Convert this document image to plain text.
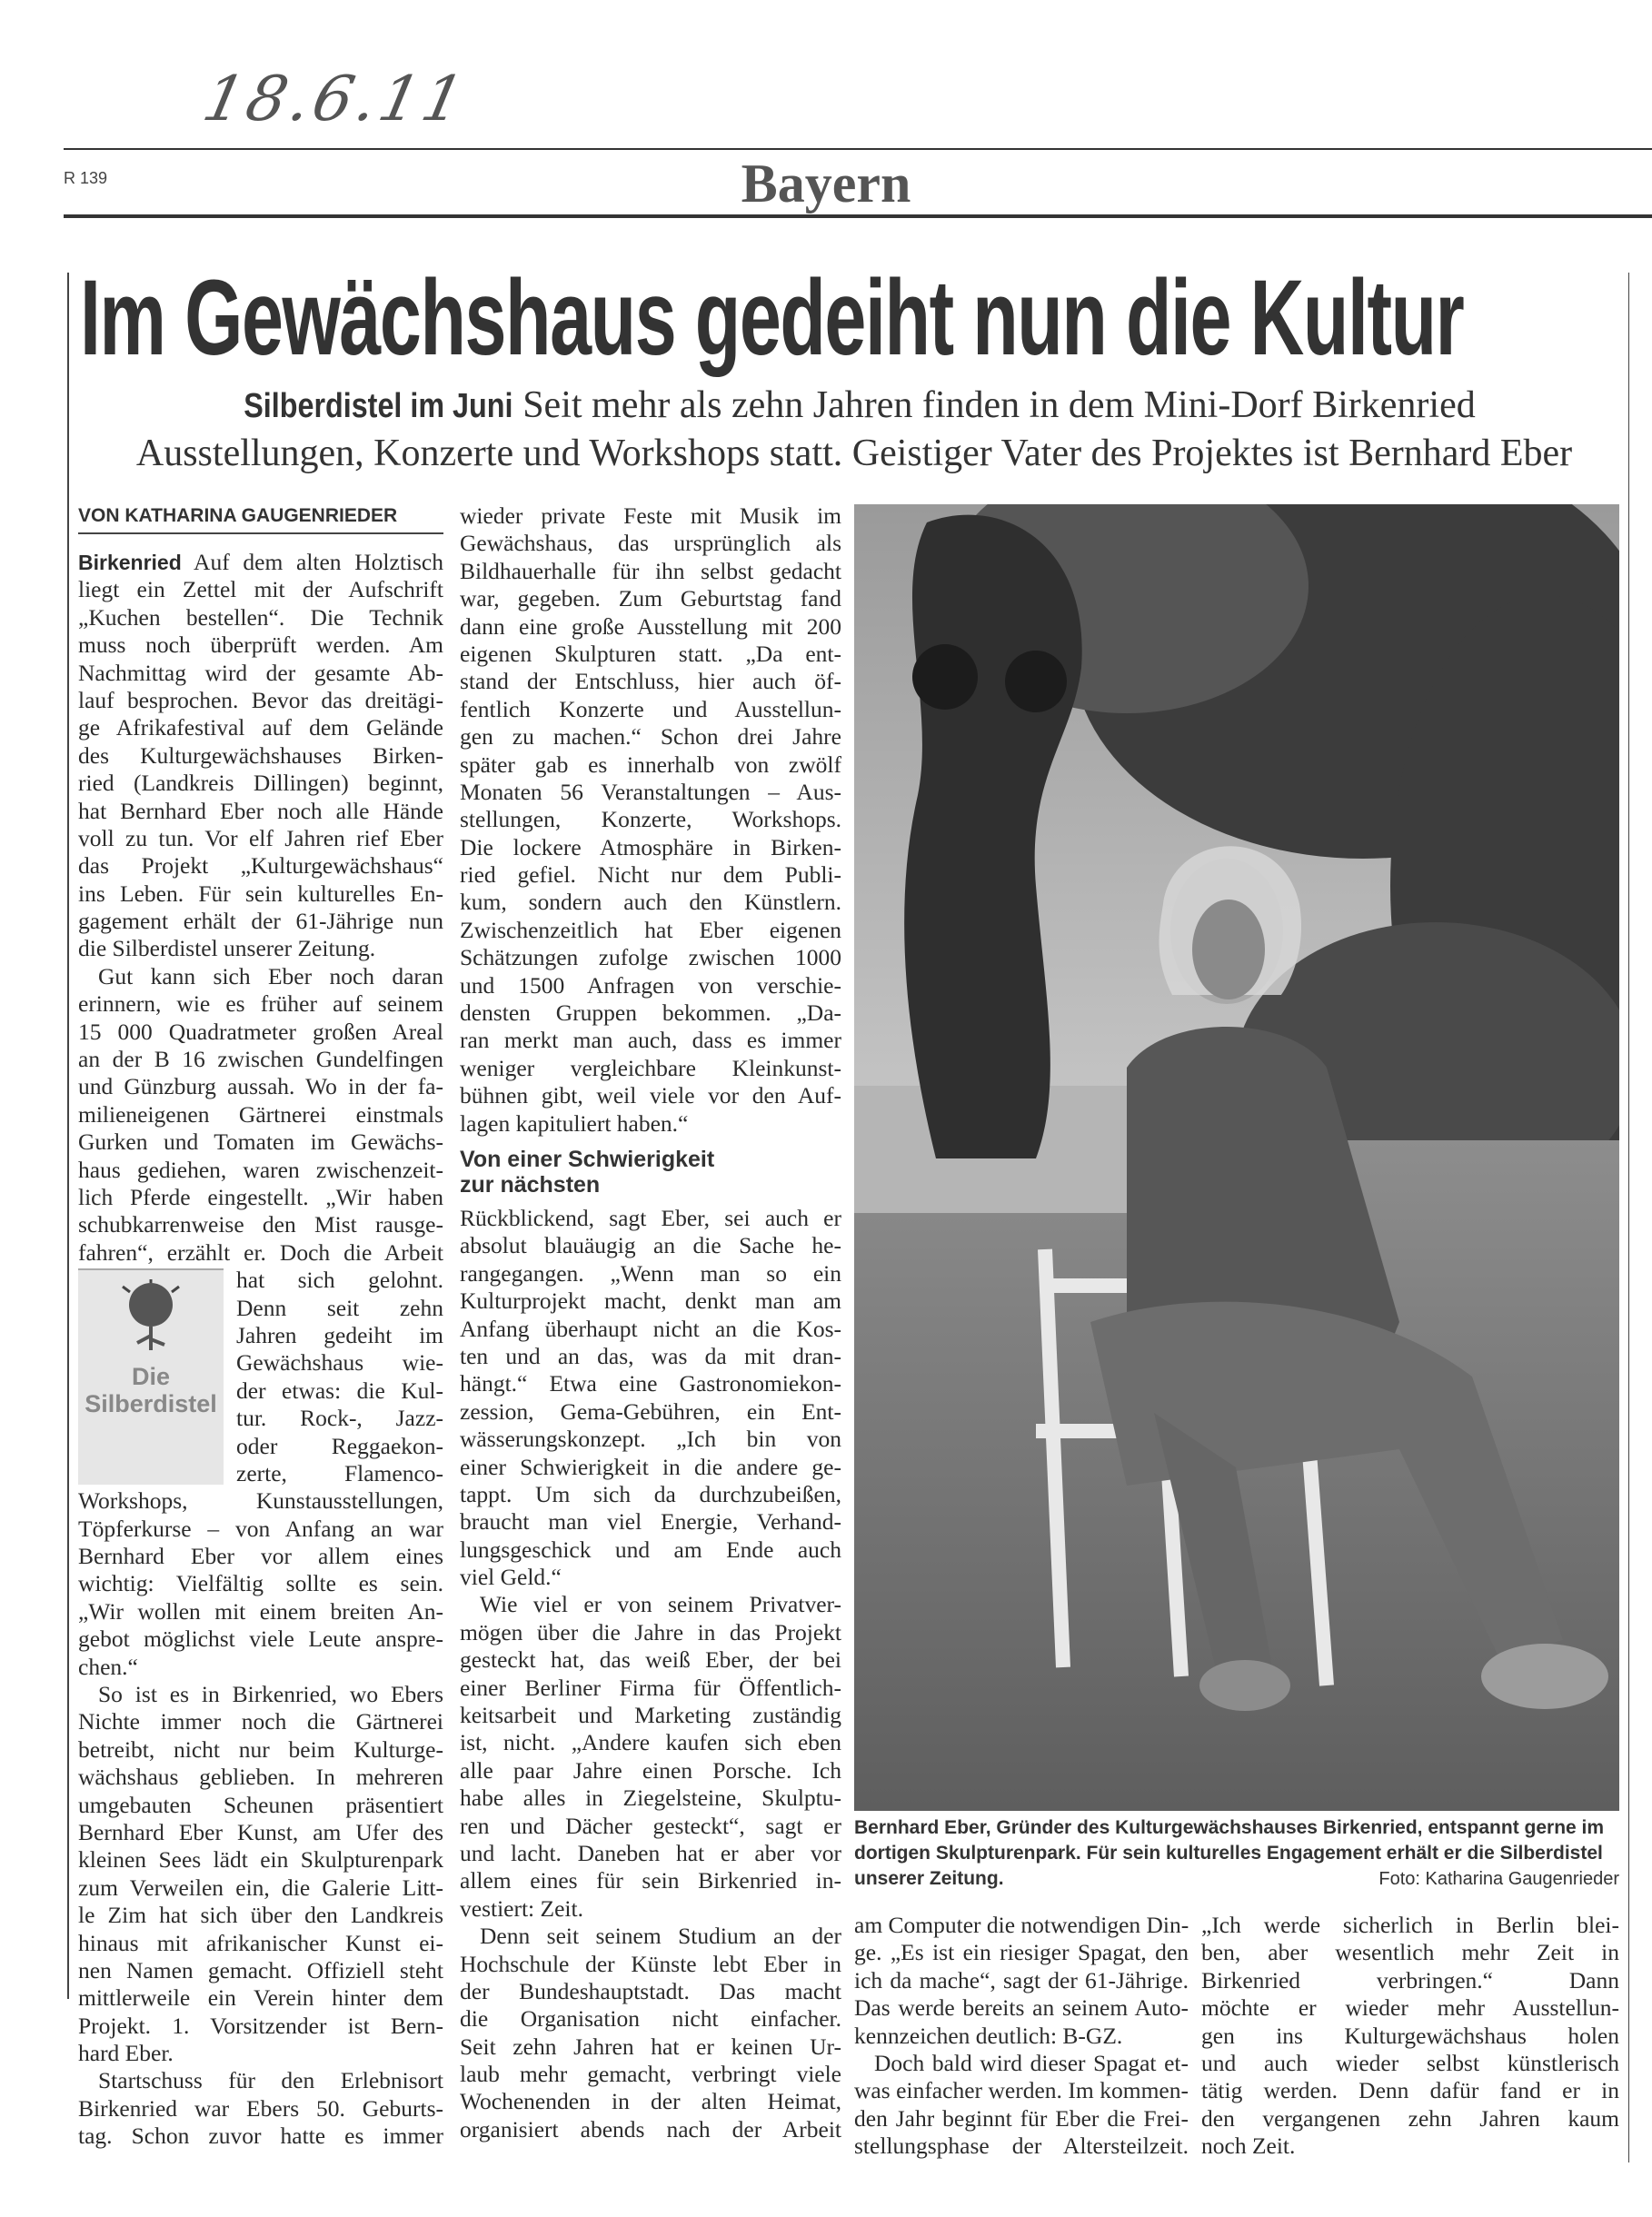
18.6.11
R 139	Bayern
Im Gewächshaus gedeiht nun die Kultur
Silberdistel im Juni Seit mehr als zehn Jahren finden in dem Mini-Dorf Birkenried
Ausstellungen, Konzerte und Workshops statt. Geistiger Vater des Projektes ist Bernhard Eber
VON KATHARINA GAUGENRIEDER
Birkenried Auf dem alten Holztisch
liegt ein Zettel mit der Aufschrift
„Kuchen bestellen“. Die Technik
muss noch überprüft werden. Am
Nachmittag wird der gesamte Ab-
lauf besprochen. Bevor das dreitägi-
ge Afrikafestival auf dem Gelände
des Kulturgewächshauses Birken-
ried (Landkreis Dillingen) beginnt,
hat Bernhard Eber noch alle Hände
voll zu tun. Vor elf Jahren rief Eber
das Projekt „Kulturgewächshaus“
ins Leben. Für sein kulturelles En-
gagement erhält der 61-Jährige nun
die Silberdistel unserer Zeitung.
Gut kann sich Eber noch daran
erinnern, wie es früher auf seinem
15 000 Quadratmeter großen Areal
an der B 16 zwischen Gundelfingen
und Günzburg aussah. Wo in der fa-
milieneigenen Gärtnerei einstmals
Gurken und Tomaten im Gewächs-
haus gediehen, waren zwischenzeit-
lich Pferde eingestellt. „Wir haben
schubkarrenweise den Mist rausge-
fahren“, erzählt er. Doch die Arbeit
Die
Silberdistel
hat sich gelohnt.
Denn seit zehn
Jahren gedeiht im
Gewächshaus wie-
der etwas: die Kul-
tur. Rock-, Jazz-
oder Reggaekon-
zerte, Flamenco-
Workshops, Kunstausstellungen,
Töpferkurse – von Anfang an war
Bernhard Eber vor allem eines
wichtig: Vielfältig sollte es sein.
„Wir wollen mit einem breiten An-
gebot möglichst viele Leute anspre-
chen.“
So ist es in Birkenried, wo Ebers
Nichte immer noch die Gärtnerei
betreibt, nicht nur beim Kulturge-
wächshaus geblieben. In mehreren
umgebauten Scheunen präsentiert
Bernhard Eber Kunst, am Ufer des
kleinen Sees lädt ein Skulpturenpark
zum Verweilen ein, die Galerie Litt-
le Zim hat sich über den Landkreis
hinaus mit afrikanischer Kunst ei-
nen Namen gemacht. Offiziell steht
mittlerweile ein Verein hinter dem
Projekt. 1. Vorsitzender ist Bern-
hard Eber.
Startschuss für den Erlebnisort
Birkenried war Ebers 50. Geburts-
tag. Schon zuvor hatte es immer
wieder private Feste mit Musik im
Gewächshaus, das ursprünglich als
Bildhauerhalle für ihn selbst gedacht
war, gegeben. Zum Geburtstag fand
dann eine große Ausstellung mit 200
eigenen Skulpturen statt. „Da ent-
stand der Entschluss, hier auch öf-
fentlich Konzerte und Ausstellun-
gen zu machen.“ Schon drei Jahre
später gab es innerhalb von zwölf
Monaten 56 Veranstaltungen – Aus-
stellungen, Konzerte, Workshops.
Die lockere Atmosphäre in Birken-
ried gefiel. Nicht nur dem Publi-
kum, sondern auch den Künstlern.
Zwischenzeitlich hat Eber eigenen
Schätzungen zufolge zwischen 1000
und 1500 Anfragen von verschie-
densten Gruppen bekommen. „Da-
ran merkt man auch, dass es immer
weniger vergleichbare Kleinkunst-
bühnen gibt, weil viele vor den Auf-
lagen kapituliert haben.“
Von einer Schwierigkeit
zur nächsten
Rückblickend, sagt Eber, sei auch er
absolut blauäugig an die Sache he-
rangegangen. „Wenn man so ein
Kulturprojekt macht, denkt man am
Anfang überhaupt nicht an die Kos-
ten und an das, was da mit dran-
hängt.“ Etwa eine Gastronomiekon-
zession, Gema-Gebühren, ein Ent-
wässerungskonzept. „Ich bin von
einer Schwierigkeit in die andere ge-
tappt. Um sich da durchzubeißen,
braucht man viel Energie, Verhand-
lungsgeschick und am Ende auch
viel Geld.“
Wie viel er von seinem Privatver-
mögen über die Jahre in das Projekt
gesteckt hat, das weiß Eber, der bei
einer Berliner Firma für Öffentlich-
keitsarbeit und Marketing zuständig
ist, nicht. „Andere kaufen sich eben
alle paar Jahre einen Porsche. Ich
habe alles in Ziegelsteine, Skulptu-
ren und Dächer gesteckt“, sagt er
und lacht. Daneben hat er aber vor
allem eines für sein Birkenried in-
vestiert: Zeit.
Denn seit seinem Studium an der
Hochschule der Künste lebt Eber in
der Bundeshauptstadt. Das macht
die Organisation nicht einfacher.
Seit zehn Jahren hat er keinen Ur-
laub mehr gemacht, verbringt viele
Wochenenden in der alten Heimat,
organisiert abends nach der Arbeit
am Computer die notwendigen Din-
ge. „Es ist ein riesiger Spagat, den
ich da mache“, sagt der 61-Jährige.
Das werde bereits an seinem Auto-
kennzeichen deutlich: B-GZ.
Doch bald wird dieser Spagat et-
was einfacher werden. Im kommen-
den Jahr beginnt für Eber die Frei-
stellungsphase der Altersteilzeit.
„Ich werde sicherlich in Berlin blei-
ben, aber wesentlich mehr Zeit in
Birkenried verbringen.“ Dann
möchte er wieder mehr Ausstellun-
gen ins Kulturgewächshaus holen
und auch wieder selbst künstlerisch
tätig werden. Denn dafür fand er in
den vergangenen zehn Jahren kaum
noch Zeit.
Bernhard Eber, Gründer des Kulturgewächshauses Birkenried, entspannt gerne im dortigen Skulpturenpark. Für sein kulturelles Engagement erhält er die Silberdistel unserer Zeitung.	Foto: Katharina Gaugenrieder
